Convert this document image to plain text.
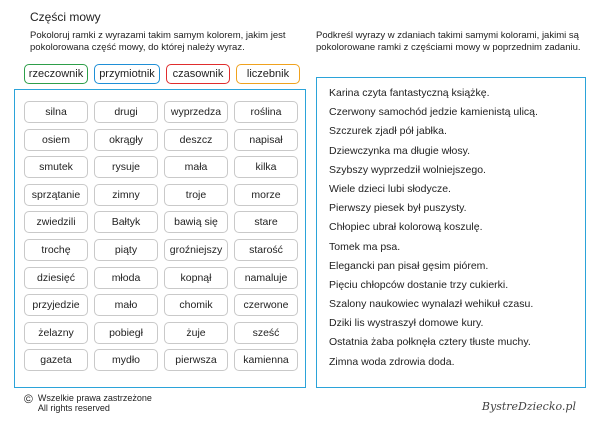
Części mowy
Pokoloruj ramki z wyrazami takim samym kolorem, jakim jest pokolorowana część mowy, do której należy wyraz.
Podkreśl wyrazy w zdaniach takimi samymi kolorami, jakimi są pokolorowane ramki z częściami mowy w poprzednim zadaniu.
rzeczownik	przymiotnik	czasownik	liczebnik
silna	drugi	wyprzedza	roślina
osiem	okrągły	deszcz	napisał
smutek	rysuje	mała	kilka
sprzątanie	zimny	troje	morze
zwiedzili	Bałtyk	bawią się	stare
trochę	piąty	groźniejszy	starość
dziesięć	młoda	kopnął	namaluje
przyjedzie	mało	chomik	czerwone
żelazny	pobiegł	żuje	sześć
gazeta	mydło	pierwsza	kamienna
Karina czyta fantastyczną książkę.
Czerwony samochód jedzie kamienistą ulicą.
Szczurek zjadł pół jabłka.
Dziewczynka ma długie włosy.
Szybszy wyprzedził wolniejszego.
Wiele dzieci lubi słodycze.
Pierwszy piesek był puszysty.
Chłopiec ubrał kolorową koszulę.
Tomek ma psa.
Elegancki pan pisał gęsim piórem.
Pięciu chłopców dostanie trzy cukierki.
Szalony naukowiec wynalazł wehikuł czasu.
Dziki lis wystraszył domowe kury.
Ostatnia żaba połknęła cztery tłuste muchy.
Zimna woda zdrowia doda.
© Wszelkie prawa zastrzeżone
All rights reserved	BystreDziecko.pl
